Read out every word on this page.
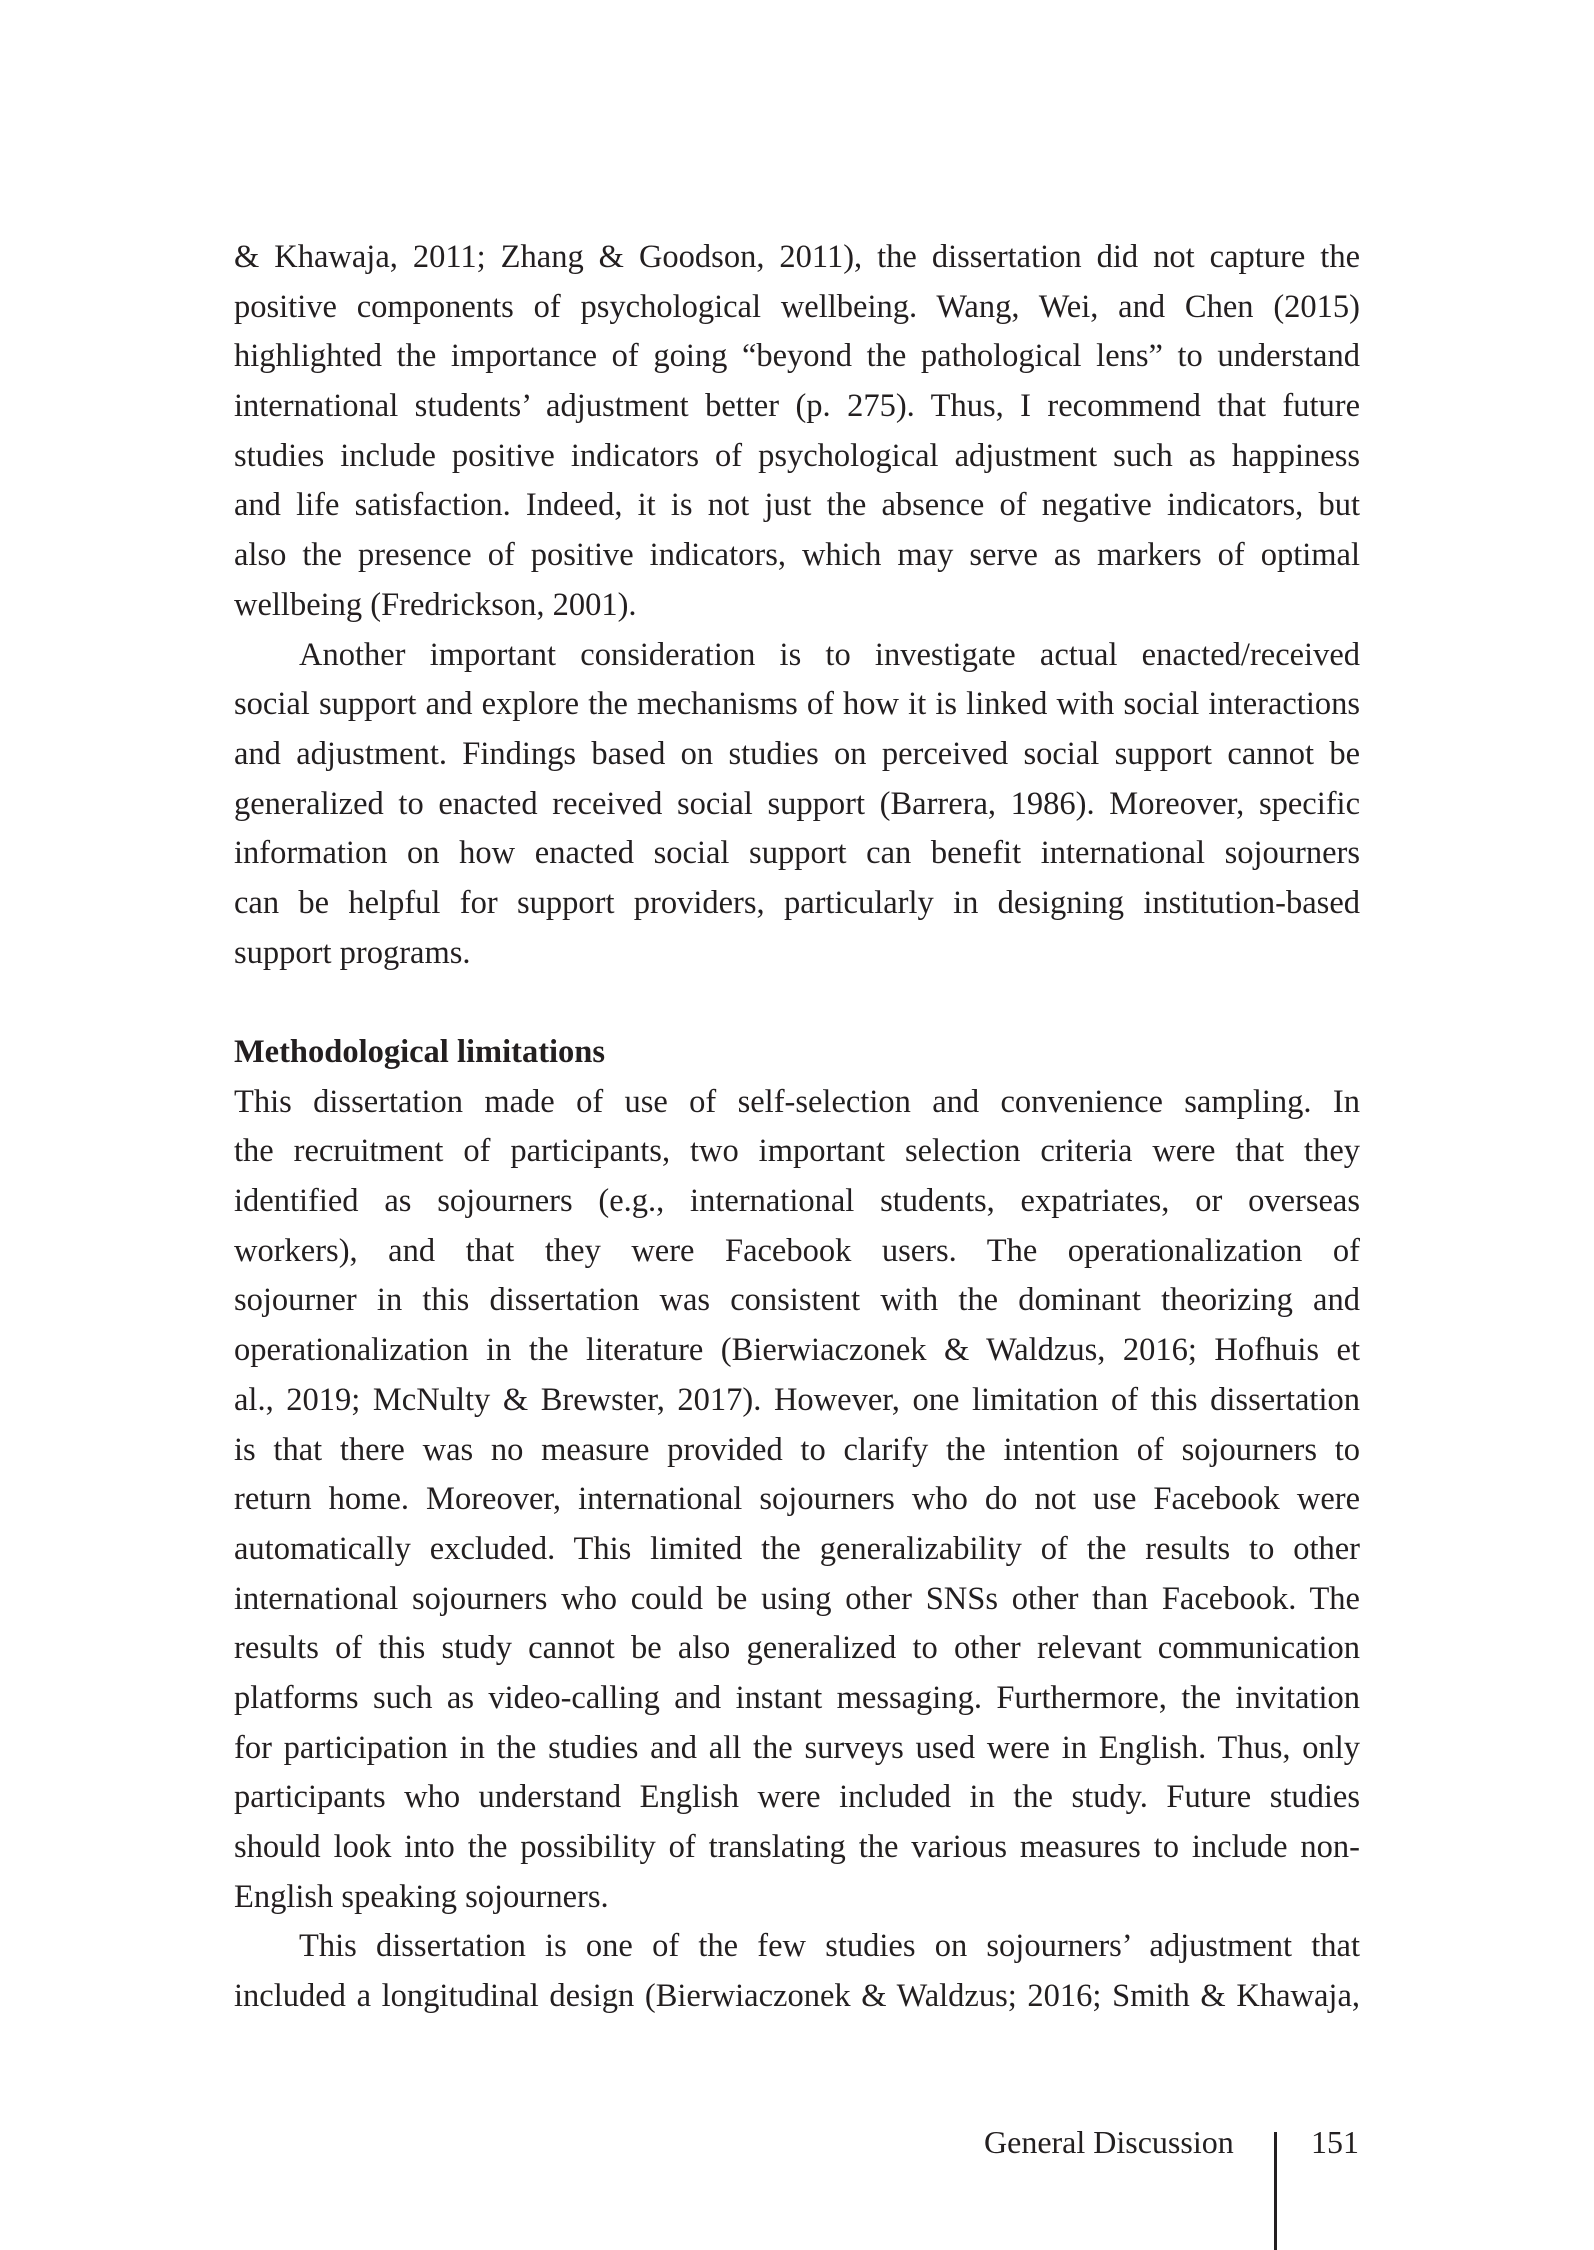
& Khawaja, 2011; Zhang & Goodson, 2011), the dissertation did not capture the
positive components of psychological wellbeing. Wang, Wei, and Chen (2015)
highlighted the importance of going “beyond the pathological lens” to understand
international students’ adjustment better (p. 275). Thus, I recommend that future
studies include positive indicators of psychological adjustment such as happiness
and life satisfaction. Indeed, it is not just the absence of negative indicators, but
also the presence of positive indicators, which may serve as markers of optimal
wellbeing (Fredrickson, 2001).
Another important consideration is to investigate actual enacted/received
social support and explore the mechanisms of how it is linked with social interactions
and adjustment. Findings based on studies on perceived social support cannot be
generalized to enacted received social support (Barrera, 1986). Moreover, specific
information on how enacted social support can benefit international sojourners
can be helpful for support providers, particularly in designing institution-based
support programs.
Methodological limitations
This dissertation made of use of self-selection and convenience sampling. In
the recruitment of participants, two important selection criteria were that they
identified as sojourners (e.g., international students, expatriates, or overseas
workers), and that they were Facebook users. The operationalization of
sojourner in this dissertation was consistent with the dominant theorizing and
operationalization in the literature (Bierwiaczonek & Waldzus, 2016; Hofhuis et
al., 2019; McNulty & Brewster, 2017). However, one limitation of this dissertation
is that there was no measure provided to clarify the intention of sojourners to
return home. Moreover, international sojourners who do not use Facebook were
automatically excluded. This limited the generalizability of the results to other
international sojourners who could be using other SNSs other than Facebook. The
results of this study cannot be also generalized to other relevant communication
platforms such as video-calling and instant messaging. Furthermore, the invitation
for participation in the studies and all the surveys used were in English. Thus, only
participants who understand English were included in the study. Future studies
should look into the possibility of translating the various measures to include non-
English speaking sojourners.
This dissertation is one of the few studies on sojourners’ adjustment that
included a longitudinal design (Bierwiaczonek & Waldzus; 2016; Smith & Khawaja,
General Discussion 151
